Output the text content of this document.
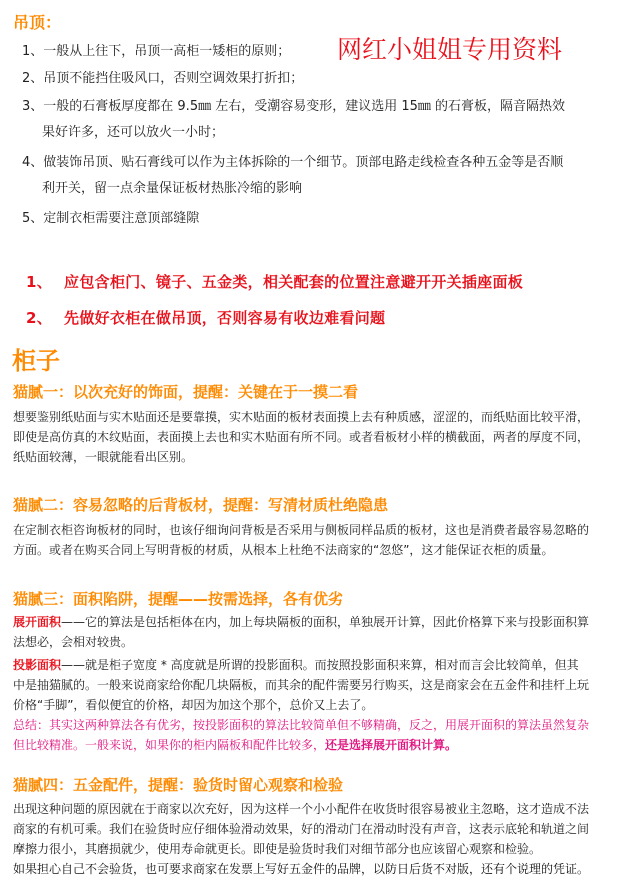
吊顶：
网红小姐姐专用资料
1、一般从上往下，吊顶一高柜一矮柜的原则；
2、吊顶不能挡住吸风口，否则空调效果打折扣；
3、一般的石膏板厚度都在 9.5㎜ 左右，受潮容易变形，建议选用 15㎜ 的石膏板，隔音隔热效
果好许多，还可以放火一小时；
4、做装饰吊顶、贴石膏线可以作为主体拆除的一个细节。顶部电路走线检查各种五金等是否顺
利开关，留一点余量保证板材热胀冷缩的影响
5、定制衣柜需要注意顶部缝隙
1、 应包含柜门、镜子、五金类，相关配套的位置注意避开开关插座面板
2、 先做好衣柜在做吊顶，否则容易有收边难看问题
柜子
猫腻一：以次充好的饰面，提醒：关键在于一摸二看
想要鉴别纸贴面与实木贴面还是要靠摸，实木贴面的板材表面摸上去有种质感，涩涩的，而纸贴面比较平滑，
即使是高仿真的木纹贴面，表面摸上去也和实木贴面有所不同。或者看板材小样的横截面，两者的厚度不同，
纸贴面较薄，一眼就能看出区别。
猫腻二：容易忽略的后背板材，提醒：写清材质杜绝隐患
在定制衣柜咨询板材的同时，也该仔细询问背板是否采用与侧板同样品质的板材，这也是消费者最容易忽略的
方面。或者在购买合同上写明背板的材质，从根本上杜绝不法商家的“忽悠”，这才能保证衣柜的质量。
猫腻三：面积陷阱，提醒——按需选择，各有优劣
展开面积——它的算法是包括柜体在内，加上每块隔板的面积，单独展开计算，因此价格算下来与投影面积算
法想必，会相对较贵。
投影面积——就是柜子宽度 * 高度就是所谓的投影面积。而按照投影面积来算，相对而言会比较简单，但其
中是抽猫腻的。一般来说商家给你配几块隔板，而其余的配件需要另行购买，这是商家会在五金件和挂杆上玩
价格“手脚”，看似便宜的价格，却因为加这个那个，总价又上去了。
总结：其实这两种算法各有优劣，按投影面积的算法比较简单但不够精确，反之，用展开面积的算法虽然复杂
但比较精准。一般来说，如果你的柜内隔板和配件比较多，还是选择展开面积计算。
猫腻四：五金配件，提醒：验货时留心观察和检验
出现这种问题的原因就在于商家以次充好，因为这样一个小小配件在收货时很容易被业主忽略，这才造成不法
商家的有机可乘。我们在验货时应仔细体验滑动效果，好的滑动门在滑动时没有声音，这表示底轮和轨道之间
摩擦力很小，其磨损就少，使用寿命就更长。即使是验货时我们对细节部分也应该留心观察和检验。
如果担心自己不会验货，也可要求商家在发票上写好五金件的品牌，以防日后货不对版，还有个说理的凭证。
